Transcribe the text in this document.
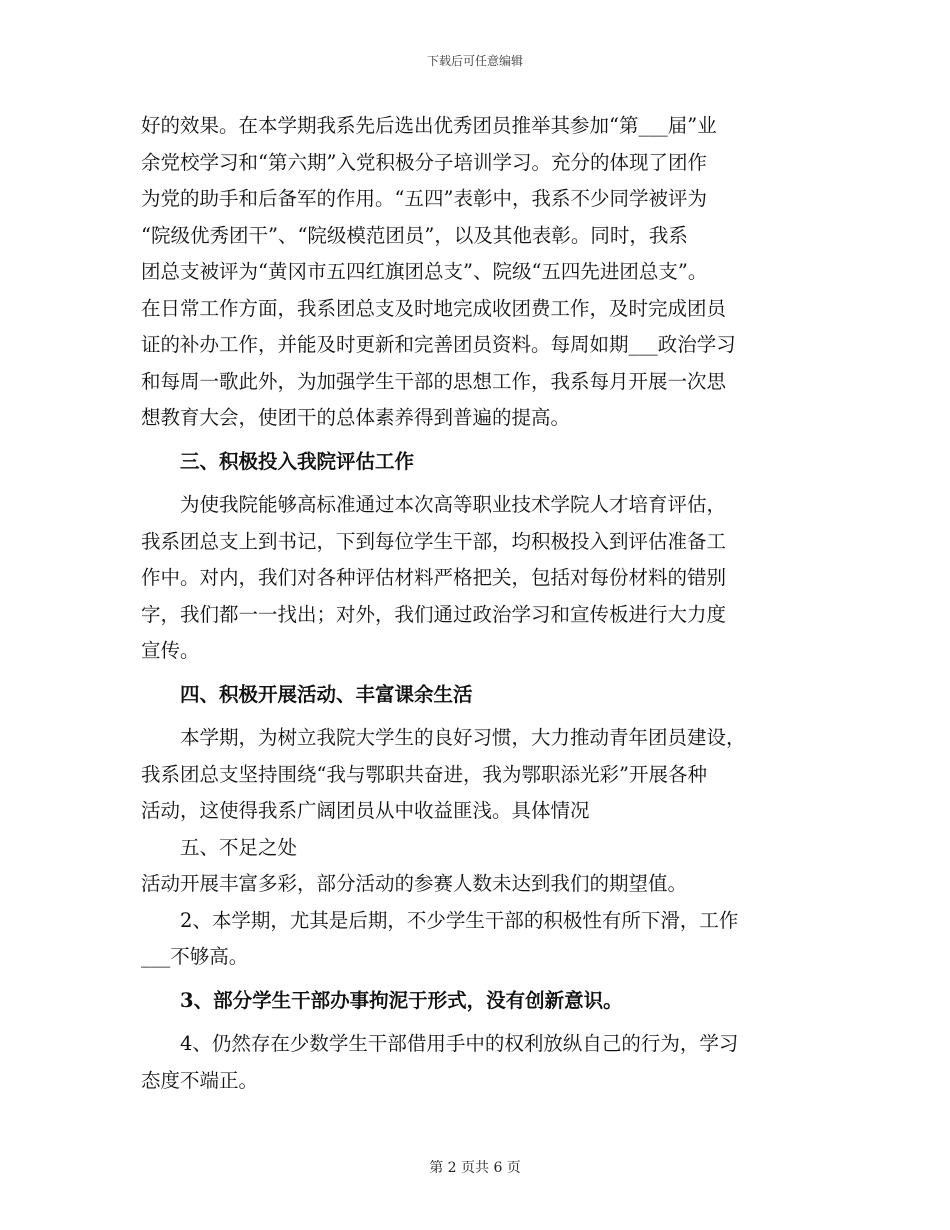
下载后可任意编辑

好的效果。在本学期我系先后选出优秀团员推举其参加“第___届”业

余党校学习和“第六期”入党积极分子培训学习。充分的体现了团作

为党的助手和后备军的作用。“五四”表彰中，我系不少同学被评为

“院级优秀团干”、“院级模范团员”，以及其他表彰。同时，我系

团总支被评为“黄冈市五四红旗团总支”、院级“五四先进团总支”。

在日常工作方面，我系团总支及时地完成收团费工作，及时完成团员

证的补办工作，并能及时更新和完善团员资料。每周如期___政治学习

和每周一歌此外，为加强学生干部的思想工作，我系每月开展一次思

想教育大会，使团干的总体素养得到普遍的提高。

三、积极投入我院评估工作

为使我院能够高标准通过本次高等职业技术学院人才培育评估，

我系团总支上到书记，下到每位学生干部，均积极投入到评估准备工

作中。对内，我们对各种评估材料严格把关，包括对每份材料的错别

字，我们都一一找出；对外，我们通过政治学习和宣传板进行大力度

宣传。

四、积极开展活动、丰富课余生活

本学期，为树立我院大学生的良好习惯，大力推动青年团员建设，

我系团总支坚持围绕“我与鄂职共奋进，我为鄂职添光彩”开展各种

活动，这使得我系广阔团员从中收益匪浅。具体情况

五、不足之处

活动开展丰富多彩，部分活动的参赛人数未达到我们的期望值。

2、本学期，尤其是后期，不少学生干部的积极性有所下滑，工作

___不够高。

3、部分学生干部办事拘泥于形式，没有创新意识。

4、仍然存在少数学生干部借用手中的权利放纵自己的行为，学习

态度不端正。

第 2 页共 6 页
